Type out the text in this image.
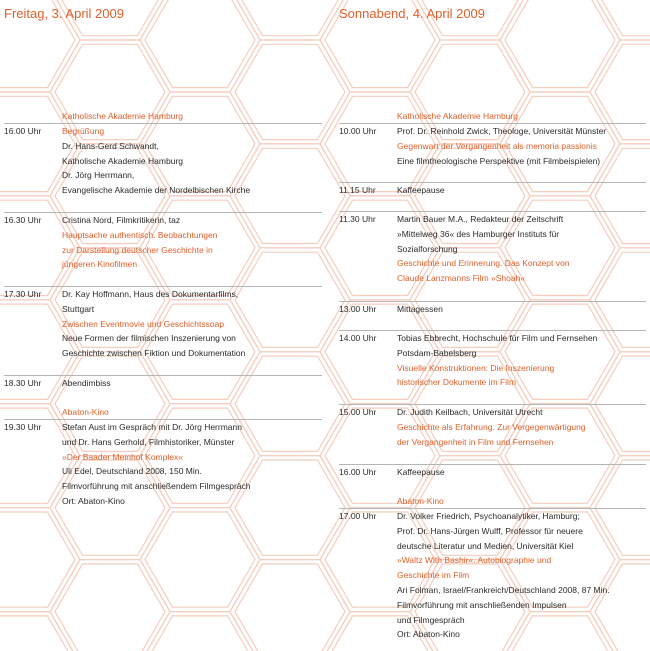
Freitag, 3. April 2009	Sonnabend, 4. April 2009
Katholische Akademie Hamburg
16.00 Uhr	Begrüßung
Dr. Hans-Gerd Schwandt,
Katholische Akademie Hamburg
Dr. Jörg Herrmann,
Evangelische Akademie der Nordelbischen Kirche
16.30 Uhr	Cristina Nord, Filmkritikerin, taz
Hauptsache authentisch. Beobachtungen
zur Darstellung deutscher Geschichte in
jüngeren Kinofilmen
17.30 Uhr	Dr. Kay Hoffmann, Haus des Dokumentarfilms,
Stuttgart
Zwischen Eventmovie und Geschichtssoap
Neue Formen der filmischen Inszenierung von
Geschichte zwischen Fiktion und Dokumentation
18.30 Uhr	Abendimbiss
Abaton-Kino
19.30 Uhr	Stefan Aust im Gespräch mit Dr. Jörg Herrmann
und Dr. Hans Gerhold, Filmhistoriker, Münster
»Der Baader Meinhof Komplex«
Uli Edel, Deutschland 2008, 150 Min.
Filmvorführung mit anschließendem Filmgespräch
Ort: Abaton-Kino
Katholische Akademie Hamburg
10.00 Uhr	Prof. Dr. Reinhold Zwick, Theologe, Universität Münster
Gegenwart der Vergangenheit als memoria passionis
Eine filmtheologische Perspektive (mit Filmbeispielen)
11.15 Uhr	Kaffeepause
11.30 Uhr	Martin Bauer M.A., Redakteur der Zeitschrift
»Mittelweg 36« des Hamburger Instituts für
Sozialforschung
Geschichte und Erinnerung. Das Konzept von
Claude Lanzmanns Film »Shoah«
13.00 Uhr	Mittagessen
14.00 Uhr	Tobias Ebbrecht, Hochschule für Film und Fernsehen
Potsdam-Babelsberg
Visuelle Konstruktionen: Die Inszenierung
historischer Dokumente im Film
15.00 Uhr	Dr. Judith Keilbach, Universität Utrecht
Geschichte als Erfahrung. Zur Vergegenwärtigung
der Vergangenheit in Film und Fernsehen
16.00 Uhr	Kaffeepause
Abaton-Kino
17.00 Uhr	Dr. Volker Friedrich, Psychoanalytiker, Hamburg;
Prof. Dr. Hans-Jürgen Wulff, Professor für neuere
deutsche Literatur und Medien, Universität Kiel
»Waltz With Bashir«. Autobiographie und
Geschichte im Film
Ari Folman, Israel/Frankreich/Deutschland 2008, 87 Min.
Filmvorführung mit anschließenden Impulsen
und Filmgespräch
Ort: Abaton-Kino
